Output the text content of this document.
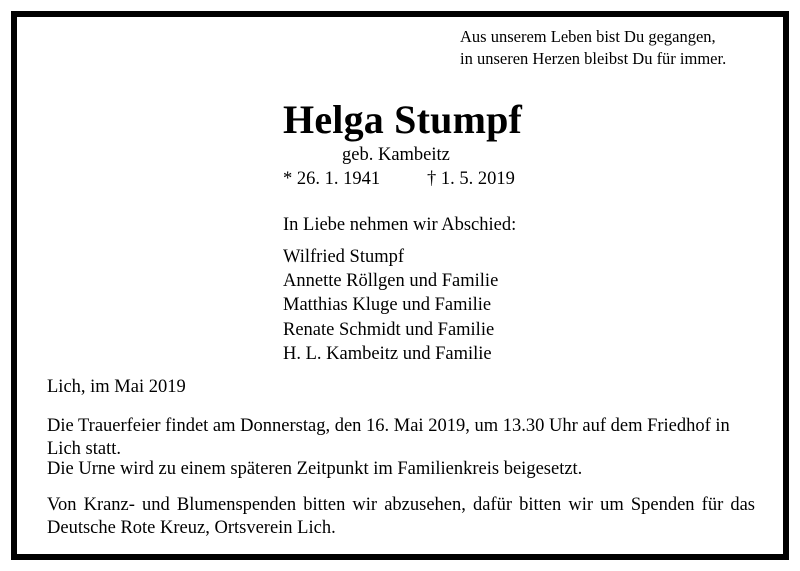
Aus unserem Leben bist Du gegangen,
in unseren Herzen bleibst Du für immer.
Helga Stumpf
geb. Kambeitz
* 26. 1. 1941	† 1. 5. 2019
In Liebe nehmen wir Abschied:
Wilfried Stumpf
Annette Röllgen und Familie
Matthias Kluge und Familie
Renate Schmidt und Familie
H. L. Kambeitz und Familie
Lich, im Mai 2019
Die Trauerfeier findet am Donnerstag, den 16. Mai 2019, um 13.30 Uhr auf dem Friedhof in Lich statt.
Die Urne wird zu einem späteren Zeitpunkt im Familienkreis beigesetzt.
Von Kranz- und Blumenspenden bitten wir abzusehen, dafür bitten wir um Spenden für das Deutsche Rote Kreuz, Ortsverein Lich.
